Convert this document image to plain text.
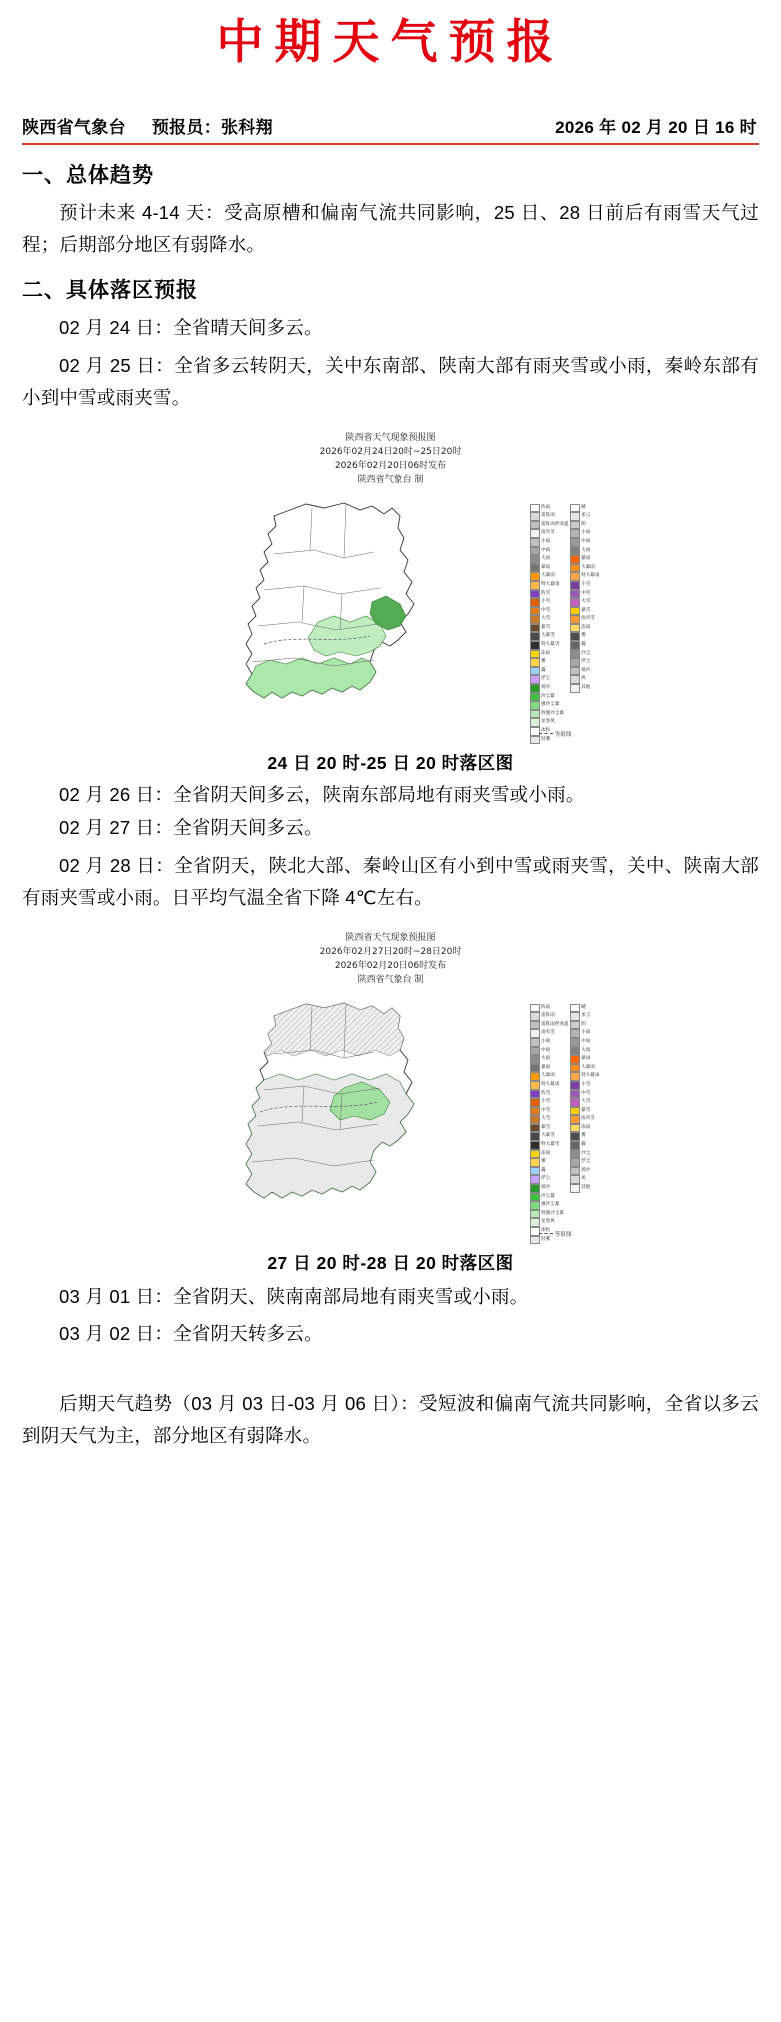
中期天气预报
陕西省气象台 预报员：张科翔	2026 年 02 月 20 日 16 时
一、总体趋势

预计未来 4-14 天：受高原槽和偏南气流共同影响，25 日、28 日前后有雨雪天气过程；后期部分地区有弱降水。

二、具体落区预报

02 月 24 日：全省晴天间多云。

02 月 25 日：全省多云转阴天，关中东南部、陕南大部有雨夹雪或小雨，秦岭东部有小到中雪或雨夹雪。

陕西省天气现象预报图
2026年02月24日20时~25日20时
2026年02月20日06时发布
陕西省气象台 制
阵雨
雷阵雨
雷阵雨伴冰雹
雨夹雪
小雨
中雨
大雨
暴雨
大暴雨
特大暴雨
阵雪
小雪
中雪
大雪
暴雪
大暴雪
特大暴雪
冻雨
雾
霾
浮尘
扬沙
沙尘暴
强沙尘暴
特强沙尘暴
龙卷风
冰粒
轻雾
晴
多云
阴
小雨
中雨
大雨
暴雨
大暴雨
特大暴雨
小雪
中雪
大雪
暴雪
雨夹雪
冻雨
雾
霾
沙尘
浮尘
扬沙
风
其他
等值线
24 日 20 时-25 日 20 时落区图

02 月 26 日：全省阴天间多云，陕南东部局地有雨夹雪或小雨。

02 月 27 日：全省阴天间多云。

02 月 28 日：全省阴天，陕北大部、秦岭山区有小到中雪或雨夹雪，关中、陕南大部有雨夹雪或小雨。日平均气温全省下降 4℃左右。

陕西省天气现象预报图
2026年02月27日20时~28日20时
2026年02月20日06时发布
陕西省气象台 制
阵雨
雷阵雨
雷阵雨伴冰雹
雨夹雪
小雨
中雨
大雨
暴雨
大暴雨
特大暴雨
阵雪
小雪
中雪
大雪
暴雪
大暴雪
特大暴雪
冻雨
雾
霾
浮尘
扬沙
沙尘暴
强沙尘暴
特强沙尘暴
龙卷风
冰粒
轻雾
晴
多云
阴
小雨
中雨
大雨
暴雨
大暴雨
特大暴雨
小雪
中雪
大雪
暴雪
雨夹雪
冻雨
雾
霾
沙尘
浮尘
扬沙
风
其他
等值线
27 日 20 时-28 日 20 时落区图

03 月 01 日：全省阴天、陕南南部局地有雨夹雪或小雨。

03 月 02 日：全省阴天转多云。

后期天气趋势（03 月 03 日-03 月 06 日）：受短波和偏南气流共同影响，全省以多云到阴天气为主，部分地区有弱降水。
